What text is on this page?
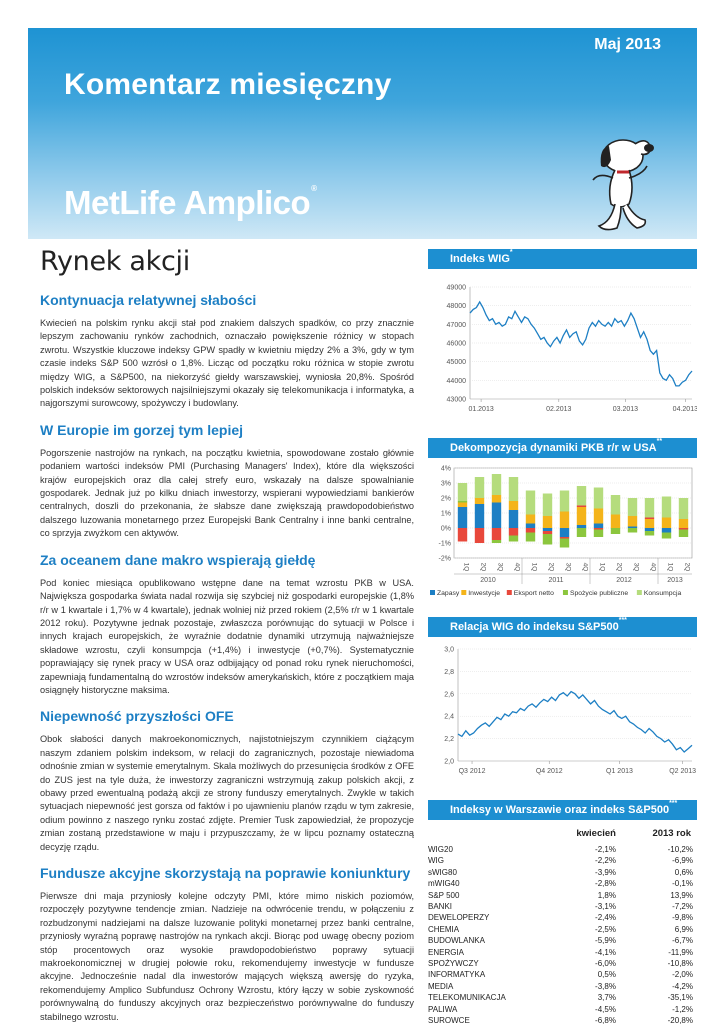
Maj 2013
Komentarz miesięczny
MetLife Amplico®
Rynek akcji
Kontynuacja relatywnej słabości
Kwiecień na polskim rynku akcji stał pod znakiem dalszych spadków, co przy znacznie lepszym zachowaniu rynków zachodnich, oznaczało powiększenie różnicy w stopach zwrotu. Wszystkie kluczowe indeksy GPW spadły w kwietniu między 2% a 3%, gdy w tym czasie indeks S&P 500 wzrósł o 1,8%. Licząc od początku roku różnica w stopie zwrotu między WIG, a S&P500, na niekorzyść giełdy warszawskiej, wyniosła 20,8%. Spośród polskich indeksów sektorowych najsilniejszymi okazały się telekomunikacja i informatyka, a najgorszymi surowcowy, spożywczy i budowlany.
W Europie im gorzej tym lepiej
Pogorszenie nastrojów na rynkach, na początku kwietnia, spowodowane zostało głównie podaniem wartości indeksów PMI (Purchasing Managers' Index), które dla większości krajów europejskich oraz dla całej strefy euro, wskazały na dalsze spowalnianie gospodarek. Jednak już po kilku dniach inwestorzy, wspierani wypowiedziami bankierów centralnych, doszli do przekonania, że słabsze dane zwiększają prawdopodobieństwo dalszego luzowania monetarnego przez Europejski Bank Centralny i inne banki centralne, co sprzyja zwyżkom cen aktywów.
Za oceanem dane makro wspierają giełdę
Pod koniec miesiąca opublikowano wstępne dane na temat wzrostu PKB w USA. Największa gospodarka świata nadal rozwija się szybciej niż gospodarki europejskie (1,8% r/r w 1 kwartale i 1,7% w 4 kwartale), jednak wolniej niż przed rokiem (2,5% r/r w 1 kwartale 2012 roku). Pozytywne jednak pozostaje, zwłaszcza porównując do sytuacji w Polsce i innych krajach europejskich, że wyraźnie dodatnie dynamiki utrzymują najważniejsze składowe wzrostu, czyli konsumpcja (+1,4%) i inwestycje (+0,7%). Systematycznie poprawiający się rynek pracy w USA oraz odbijający od ponad roku rynek nieruchomości, zapewniają fundamentalną do wzrostów indeksów amerykańskich, które z początkiem maja osiągnęły historyczne maksima.
Niepewność przyszłości OFE
Obok słabości danych makroekonomicznych, najistotniejszym czynnikiem ciążącym naszym zdaniem polskim indeksom, w relacji do zagranicznych, pozostaje niewiadoma odnośnie zmian w systemie emerytalnym. Skala możliwych do przesunięcia środków z OFE do ZUS jest na tyle duża, że inwestorzy zagraniczni wstrzymują zakup polskich akcji, z obawy przed ewentualną podażą akcji ze strony funduszy emerytalnych. Zwykle w takich sytuacjach niepewność jest gorsza od faktów i po ujawnieniu planów rządu w tym zakresie, odium powinno z naszego rynku zostać zdjęte. Premier Tusk zapowiedział, że propozycje zmian zostaną przedstawione w maju i przypuszczamy, że w lipcu poznamy ostateczną decyzję rządu.
Fundusze akcyjne skorzystają na poprawie koniunktury
Pierwsze dni maja przyniosły kolejne odczyty PMI, które mimo niskich poziomów, rozpoczęły pozytywne tendencje zmian. Nadzieje na odwrócenie trendu, w połączeniu z rozbudzonymi nadziejami na dalsze luzowanie polityki monetarnej przez banki centralne, przyniosły wyraźną poprawę nastrojów na rynkach akcji. Biorąc pod uwagę obecny poziom stóp procentowych oraz wysokie prawdopodobieństwo poprawy sytuacji makroekonomicznej w drugiej połowie roku, rekomendujemy inwestycje w fundusze akcyjne. Jednocześnie nadal dla inwestorów mających większą awersję do ryzyka, rekomendujemy Amplico Subfundusz Ochrony Wzrostu, który łączy w sobie zyskowność porównywalną do funduszy akcyjnych oraz bezpieczeństwo porównywalne do funduszy stabilnego wzrostu.
Indeks WIG*
43000
44000
45000
46000
47000
48000
49000
01.2013	02.2013	03.2013	04.2013
Dekompozycja dynamiki PKB r/r w USA**
-2%
-1%
0%
1%
2%
3%
4%
1Q 2Q 3Q 4Q 1Q 2Q 3Q 4Q 1Q 2Q 3Q 4Q 1Q 2Q
2010	2011	2012	2013
Zapasy Inwestycje Eksport netto Spożycie publiczne Konsumpcja
Relacja WIG do indeksu S&P500***
2,0
2,2
2,4
2,6
2,8
3,0
Q3 2012	Q4 2012	Q1 2013	Q2 2013
Indeksy w Warszawie oraz indeks S&P500***
	kwiecień	2013 rok
WIG20	-2,1%	-10,2%
WIG	-2,2%	-6,9%
sWIG80	-3,9%	0,6%
mWIG40	-2,8%	-0,1%
S&P 500	1,8%	13,9%
BANKI	-3,1%	-7,2%
DEWELOPERZY	-2,4%	-9,8%
CHEMIA	-2,5%	6,9%
BUDOWLANKA	-5,9%	-6,7%
ENERGIA	-4,1%	-11,9%
SPOŻYWCZY	-6,0%	-10,8%
INFORMATYKA	0,5%	-2,0%
MEDIA	-3,8%	-4,2%
TELEKOMUNIKACJA	3,7%	-35,1%
PALIWA	-4,5%	-1,2%
SUROWCE	-6,8%	-20,8%
